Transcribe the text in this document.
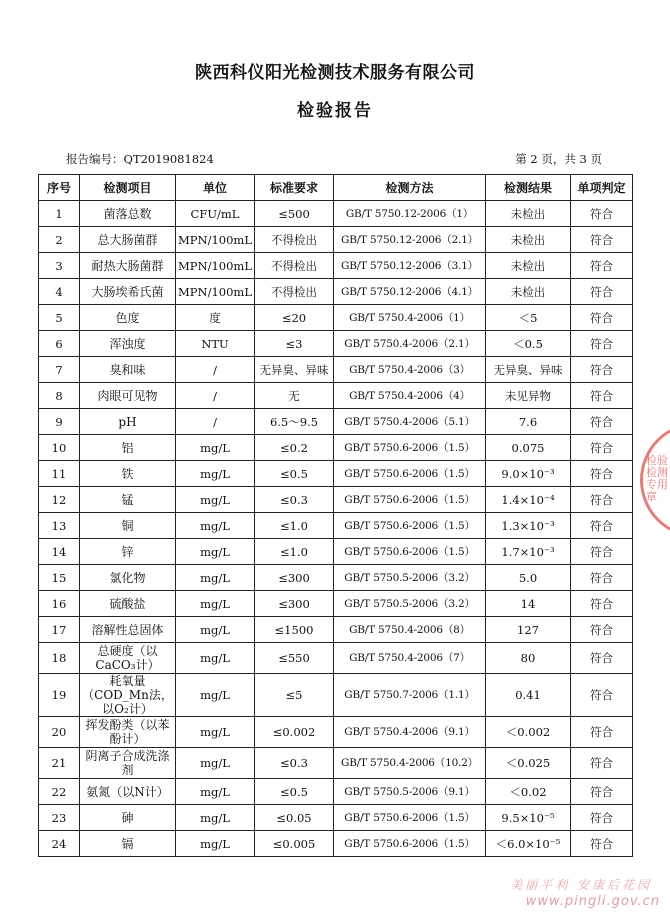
陕西科仪阳光检测技术服务有限公司
检验报告
报告编号：QT2019081824	第 2 页，共 3 页
序号	检测项目	单位	标准要求	检测方法	检测结果	单项判定
1	菌落总数	CFU/mL	≤500	GB/T 5750.12-2006（1）	未检出	符合
2	总大肠菌群	MPN/100mL	不得检出	GB/T 5750.12-2006（2.1）	未检出	符合
3	耐热大肠菌群	MPN/100mL	不得检出	GB/T 5750.12-2006（3.1）	未检出	符合
4	大肠埃希氏菌	MPN/100mL	不得检出	GB/T 5750.12-2006（4.1）	未检出	符合
5	色度	度	≤20	GB/T 5750.4-2006（1）	＜5	符合
6	浑浊度	NTU	≤3	GB/T 5750.4-2006（2.1）	＜0.5	符合
7	臭和味	/	无异臭、异味	GB/T 5750.4-2006（3）	无异臭、异味	符合
8	肉眼可见物	/	无	GB/T 5750.4-2006（4）	未见异物	符合
9	pH	/	6.5～9.5	GB/T 5750.4-2006（5.1）	7.6	符合
10	铝	mg/L	≤0.2	GB/T 5750.6-2006（1.5）	0.075	符合
11	铁	mg/L	≤0.5	GB/T 5750.6-2006（1.5）	9.0×10⁻³	符合
12	锰	mg/L	≤0.3	GB/T 5750.6-2006（1.5）	1.4×10⁻⁴	符合
13	铜	mg/L	≤1.0	GB/T 5750.6-2006（1.5）	1.3×10⁻³	符合
14	锌	mg/L	≤1.0	GB/T 5750.6-2006（1.5）	1.7×10⁻³	符合
15	氯化物	mg/L	≤300	GB/T 5750.5-2006（3.2）	5.0	符合
16	硫酸盐	mg/L	≤300	GB/T 5750.5-2006（3.2）	14	符合
17	溶解性总固体	mg/L	≤1500	GB/T 5750.4-2006（8）	127	符合
18	总硬度（以CaCO₃计）	mg/L	≤550	GB/T 5750.4-2006（7）	80	符合
19	耗氧量（COD_Mn法，以O₂计）	mg/L	≤5	GB/T 5750.7-2006（1.1）	0.41	符合
20	挥发酚类（以苯酚计）	mg/L	≤0.002	GB/T 5750.4-2006（9.1）	＜0.002	符合
21	阴离子合成洗涤剂	mg/L	≤0.3	GB/T 5750.4-2006（10.2）	＜0.025	符合
22	氨氮（以N计）	mg/L	≤0.5	GB/T 5750.5-2006（9.1）	＜0.02	符合
23	砷	mg/L	≤0.05	GB/T 5750.6-2006（1.5）	9.5×10⁻⁵	符合
24	镉	mg/L	≤0.005	GB/T 5750.6-2006（1.5）	＜6.0×10⁻⁵	符合
检验检测专用章
美丽平利 安康后花园
www.pingli.gov.cn
